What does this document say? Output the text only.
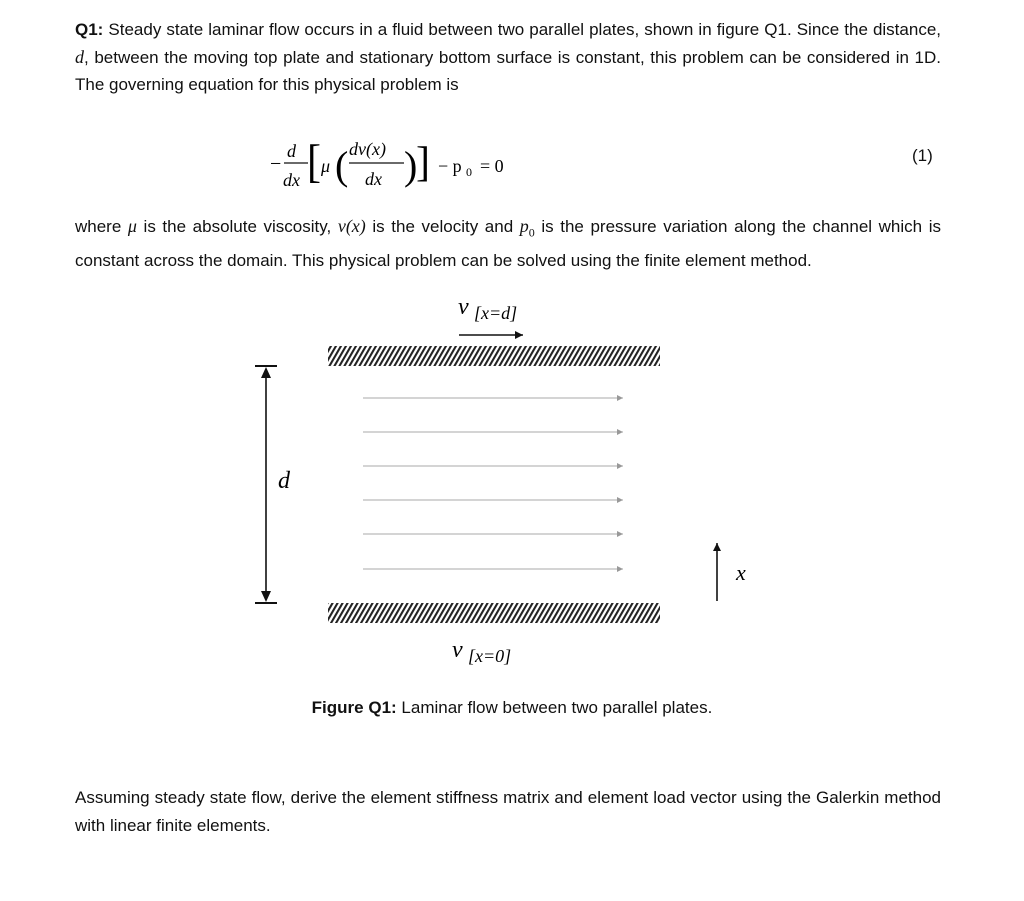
Q1: Steady state laminar flow occurs in a fluid between two parallel plates, shown in figure Q1. Since the distance, d, between the moving top plate and stationary bottom surface is constant, this problem can be considered in 1D. The governing equation for this physical problem is

−
d
dx [ μ ( dv(x)
dx )
] − p 0 = 0
(1)

where μ is the absolute viscosity, v(x) is the velocity and $p_0$ is the pressure variation along the channel which is constant across the domain. This physical problem can be solved using the finite element method.

v [x=d]
v [x=0]
d
x
Figure Q1: Laminar flow between two parallel plates.

Assuming steady state flow, derive the element stiffness matrix and element load vector using the Galerkin method with linear finite elements.
